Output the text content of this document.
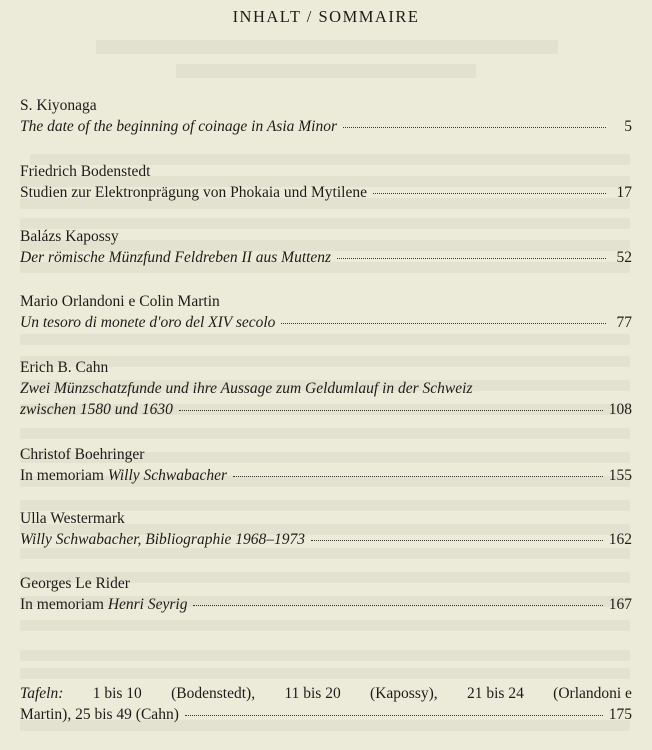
INHALT / SOMMAIRE
S. Kiyonaga
The date of the beginning of coinage in Asia Minor	5
Friedrich Bodenstedt
Studien zur Elektronprägung von Phokaia und Mytilene	17
Balázs Kapossy
Der römische Münzfund Feldreben II aus Muttenz	52
Mario Orlandoni e Colin Martin
Un tesoro di monete d'oro del XIV secolo	77
Erich B. Cahn
Zwei Münzschatzfunde und ihre Aussage zum Geldumlauf in der Schweiz
zwischen 1580 und 1630	108
Christof Boehringer
In memoriam Willy Schwabacher	155
Ulla Westermark
Willy Schwabacher, Bibliographie 1968–1973	162
Georges Le Rider
In memoriam Henri Seyrig	167
Tafeln: 1 bis 10 (Bodenstedt), 11 bis 20 (Kapossy), 21 bis 24 (Orlandoni e
Martin), 25 bis 49 (Cahn)	175
